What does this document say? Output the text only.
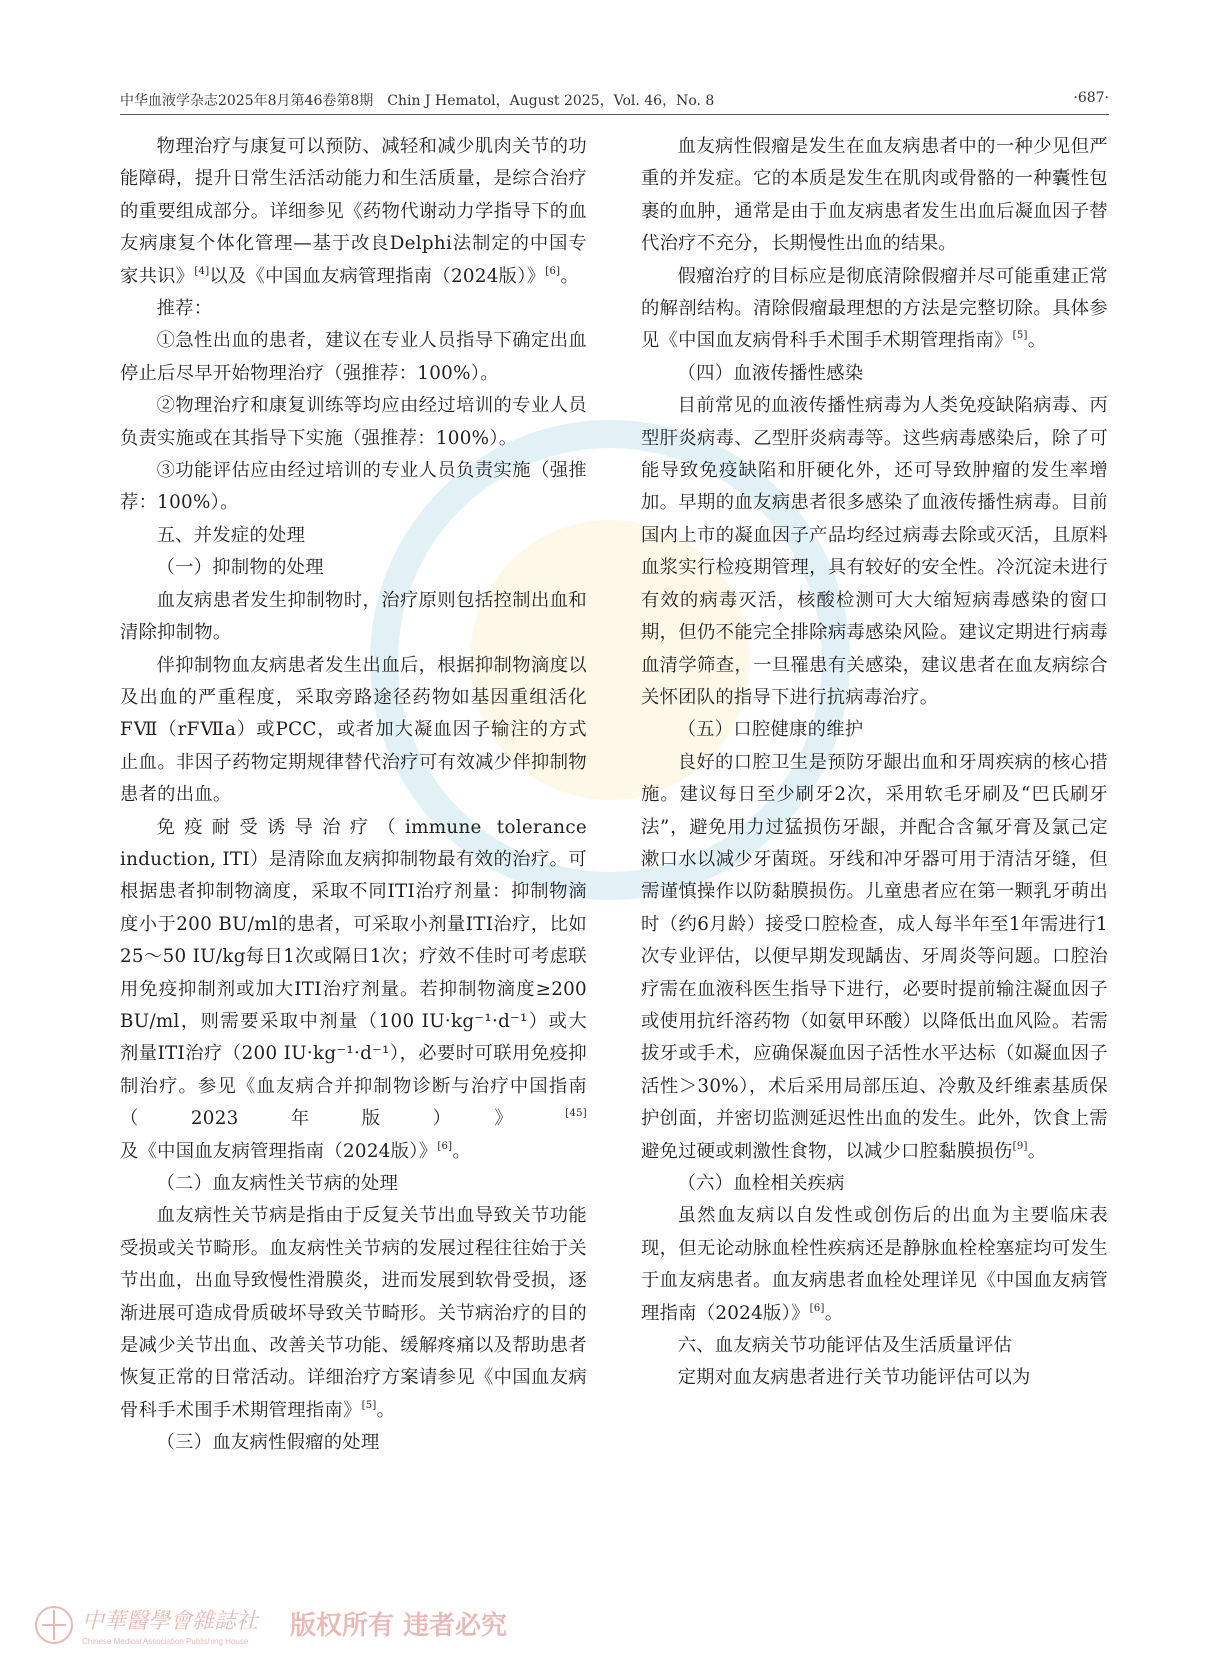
中华血液学杂志2025年8月第46卷第8期　Chin J Hematol，August 2025，Vol. 46，No. 8	·687·

物理治疗与康复可以预防、减轻和减少肌肉关节的功能障碍，提升日常生活活动能力和生活质量，是综合治疗的重要组成部分。详细参见《药物代谢动力学指导下的血友病康复个体化管理—基于改良Delphi法制定的中国专家共识》[4]以及《中国血友病管理指南（2024版）》[6]。

推荐：

①急性出血的患者，建议在专业人员指导下确定出血停止后尽早开始物理治疗（强推荐：100%）。

②物理治疗和康复训练等均应由经过培训的专业人员负责实施或在其指导下实施（强推荐：100%）。

③功能评估应由经过培训的专业人员负责实施（强推荐：100%）。

五、并发症的处理

（一）抑制物的处理

血友病患者发生抑制物时，治疗原则包括控制出血和清除抑制物。

伴抑制物血友病患者发生出血后，根据抑制物滴度以及出血的严重程度，采取旁路途径药物如基因重组活化FⅦ（rFⅦa）或PCC，或者加大凝血因子输注的方式止血。非因子药物定期规律替代治疗可有效减少伴抑制物患者的出血。

免疫耐受诱导治疗（immune tolerance induction, ITI）是清除血友病抑制物最有效的治疗。可根据患者抑制物滴度，采取不同ITI治疗剂量：抑制物滴度小于200 BU/ml的患者，可采取小剂量ITI治疗，比如25～50 IU/kg每日1次或隔日1次；疗效不佳时可考虑联用免疫抑制剂或加大ITI治疗剂量。若抑制物滴度≥200 BU/ml，则需要采取中剂量（100 IU·kg⁻¹·d⁻¹）或大剂量ITI治疗（200 IU·kg⁻¹·d⁻¹），必要时可联用免疫抑制治疗。参见《血友病合并抑制物诊断与治疗中国指南（2023年版）》[45]及《中国血友病管理指南（2024版）》[6]。

（二）血友病性关节病的处理

血友病性关节病是指由于反复关节出血导致关节功能受损或关节畸形。血友病性关节病的发展过程往往始于关节出血，出血导致慢性滑膜炎，进而发展到软骨受损，逐渐进展可造成骨质破坏导致关节畸形。关节病治疗的目的是减少关节出血、改善关节功能、缓解疼痛以及帮助患者恢复正常的日常活动。详细治疗方案请参见《中国血友病骨科手术围手术期管理指南》[5]。

（三）血友病性假瘤的处理

血友病性假瘤是发生在血友病患者中的一种少见但严重的并发症。它的本质是发生在肌肉或骨骼的一种囊性包裹的血肿，通常是由于血友病患者发生出血后凝血因子替代治疗不充分，长期慢性出血的结果。

假瘤治疗的目标应是彻底清除假瘤并尽可能重建正常的解剖结构。清除假瘤最理想的方法是完整切除。具体参见《中国血友病骨科手术围手术期管理指南》[5]。

（四）血液传播性感染

目前常见的血液传播性病毒为人类免疫缺陷病毒、丙型肝炎病毒、乙型肝炎病毒等。这些病毒感染后，除了可能导致免疫缺陷和肝硬化外，还可导致肿瘤的发生率增加。早期的血友病患者很多感染了血液传播性病毒。目前国内上市的凝血因子产品均经过病毒去除或灭活，且原料血浆实行检疫期管理，具有较好的安全性。冷沉淀未进行有效的病毒灭活，核酸检测可大大缩短病毒感染的窗口期，但仍不能完全排除病毒感染风险。建议定期进行病毒血清学筛查，一旦罹患有关感染，建议患者在血友病综合关怀团队的指导下进行抗病毒治疗。

（五）口腔健康的维护

良好的口腔卫生是预防牙龈出血和牙周疾病的核心措施。建议每日至少刷牙2次，采用软毛牙刷及“巴氏刷牙法”，避免用力过猛损伤牙龈，并配合含氟牙膏及氯己定漱口水以减少牙菌斑。牙线和冲牙器可用于清洁牙缝，但需谨慎操作以防黏膜损伤。儿童患者应在第一颗乳牙萌出时（约6月龄）接受口腔检查，成人每半年至1年需进行1次专业评估，以便早期发现龋齿、牙周炎等问题。口腔治疗需在血液科医生指导下进行，必要时提前输注凝血因子或使用抗纤溶药物（如氨甲环酸）以降低出血风险。若需拔牙或手术，应确保凝血因子活性水平达标（如凝血因子活性＞30%），术后采用局部压迫、冷敷及纤维素基质保护创面，并密切监测延迟性出血的发生。此外，饮食上需避免过硬或刺激性食物，以减少口腔黏膜损伤[9]。

（六）血栓相关疾病

虽然血友病以自发性或创伤后的出血为主要临床表现，但无论动脉血栓性疾病还是静脉血栓栓塞症均可发生于血友病患者。血友病患者血栓处理详见《中国血友病管理指南（2024版）》[6]。

六、血友病关节功能评估及生活质量评估

定期对血友病患者进行关节功能评估可以为

中華醫學會雜誌社
Chinese Medical Association Publishing House
版权所有 违者必究
